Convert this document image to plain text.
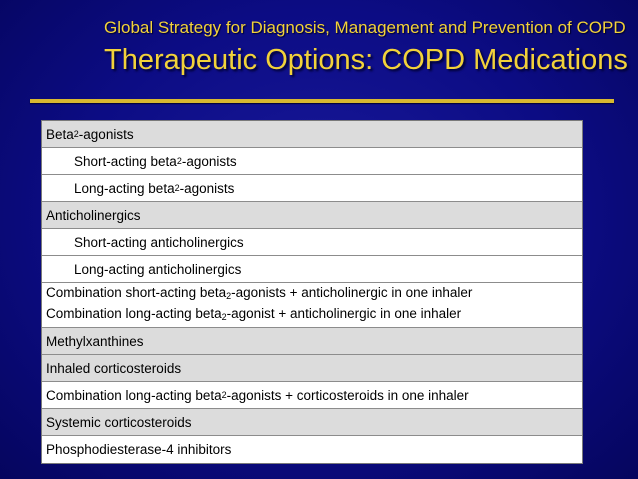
Global Strategy for Diagnosis, Management and Prevention of COPD
Therapeutic Options: COPD Medications
Beta 2 -agonists
Short-acting beta 2 -agonists
Long-acting beta 2 -agonists
Anticholinergics
Short-acting anticholinergics
Long-acting anticholinergics
Combination short-acting beta$_2$-agonists + anticholinergic in one inhaler
Combination long-acting beta$_2$-agonist + anticholinergic in one inhaler
Methylxanthines
Inhaled corticosteroids
Combination long-acting beta 2 -agonists + corticosteroids in one inhaler
Systemic corticosteroids
Phosphodiesterase-4 inhibitors
